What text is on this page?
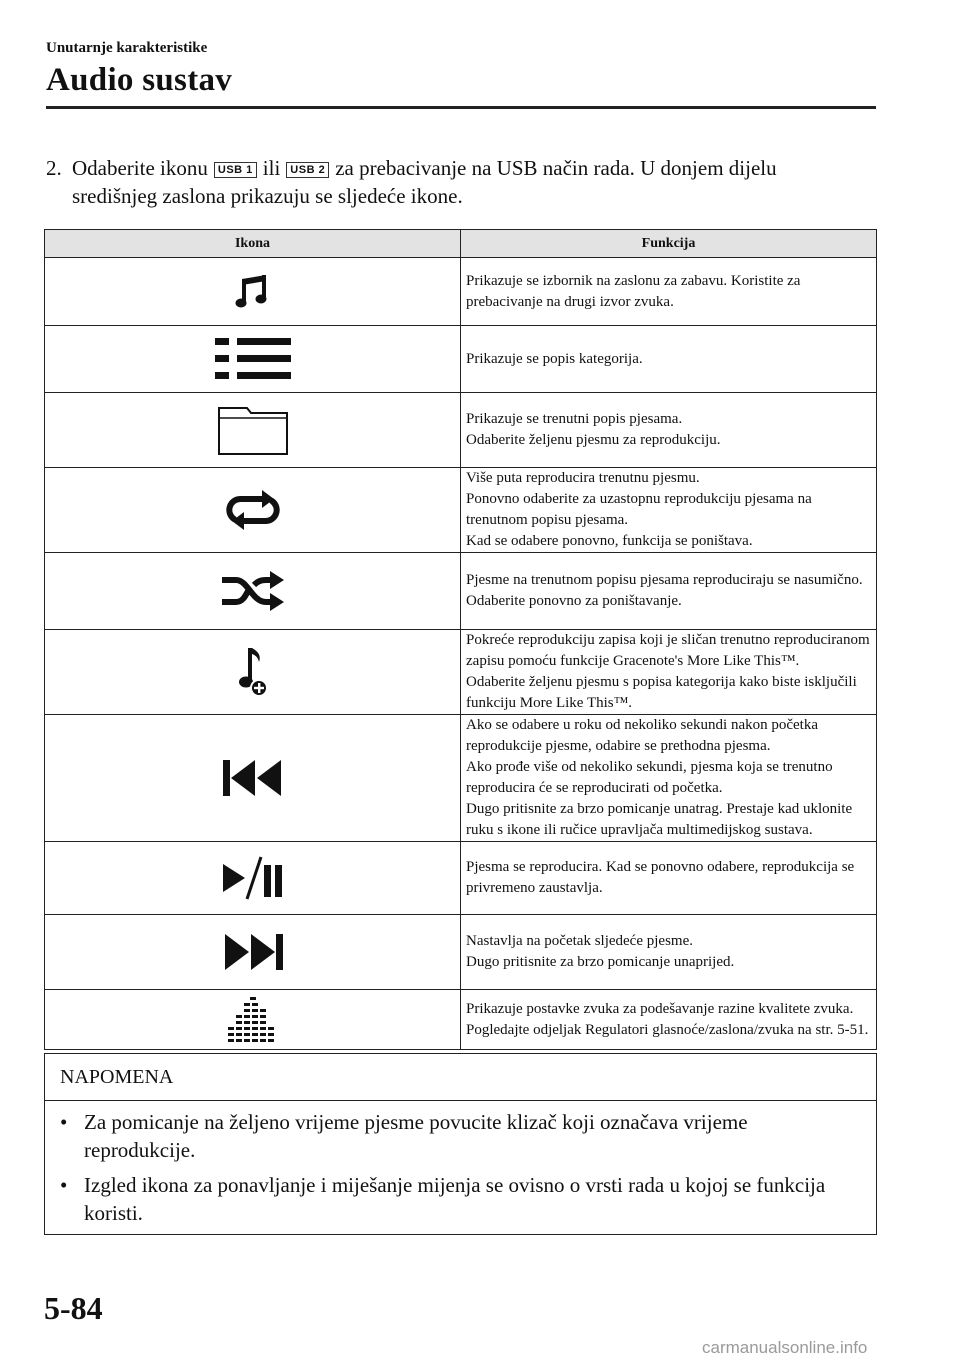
Unutarnje karakteristike
Audio sustav
2. Odaberite ikonu USB 1 ili USB 2 za prebacivanje na USB način rada. U donjem dijelu
središnjeg zaslona prikazuju se sljedeće ikone.
Ikona	Funkcija

Prikazuje se izbornik na zaslonu za zabavu. Koristite za prebacivanje na drugi izvor zvuka.

Prikazuje se popis kategorija.

Prikazuje se trenutni popis pjesama.
Odaberite željenu pjesmu za reprodukciju.

Više puta reproducira trenutnu pjesmu.
Ponovno odaberite za uzastopnu reprodukciju pjesama na trenutnom popisu pjesama.
Kad se odabere ponovno, funkcija se poništava.

Pjesme na trenutnom popisu pjesama reproduciraju se nasumično.
Odaberite ponovno za poništavanje.

Pokreće reprodukciju zapisa koji je sličan trenutno reproduciranom zapisu pomoću funkcije Gracenote's More Like This™.
Odaberite željenu pjesmu s popisa kategorija kako biste isključili funkciju More Like This™.

Ako se odabere u roku od nekoliko sekundi nakon početka reprodukcije pjesme, odabire se prethodna pjesma.
Ako prođe više od nekoliko sekundi, pjesma koja se trenutno reproducira će se reproducirati od početka.
Dugo pritisnite za brzo pomicanje unatrag. Prestaje kad uklonite ruku s ikone ili ručice upravljača multimedijskog sustava.

Pjesma se reproducira. Kad se ponovno odabere, reprodukcija se privremeno zaustavlja.

Nastavlja na početak sljedeće pjesme.
Dugo pritisnite za brzo pomicanje unaprijed.

Prikazuje postavke zvuka za podešavanje razine kvalitete zvuka.
Pogledajte odjeljak Regulatori glasnoće/zaslona/zvuka na str. 5-51.
NAPOMENA
• Za pomicanje na željeno vrijeme pjesme povucite klizač koji označava vrijeme reprodukcije.
• Izgled ikona za ponavljanje i miješanje mijenja se ovisno o vrsti rada u kojoj se funkcija koristi.
5-84
carmanualsonline.info
